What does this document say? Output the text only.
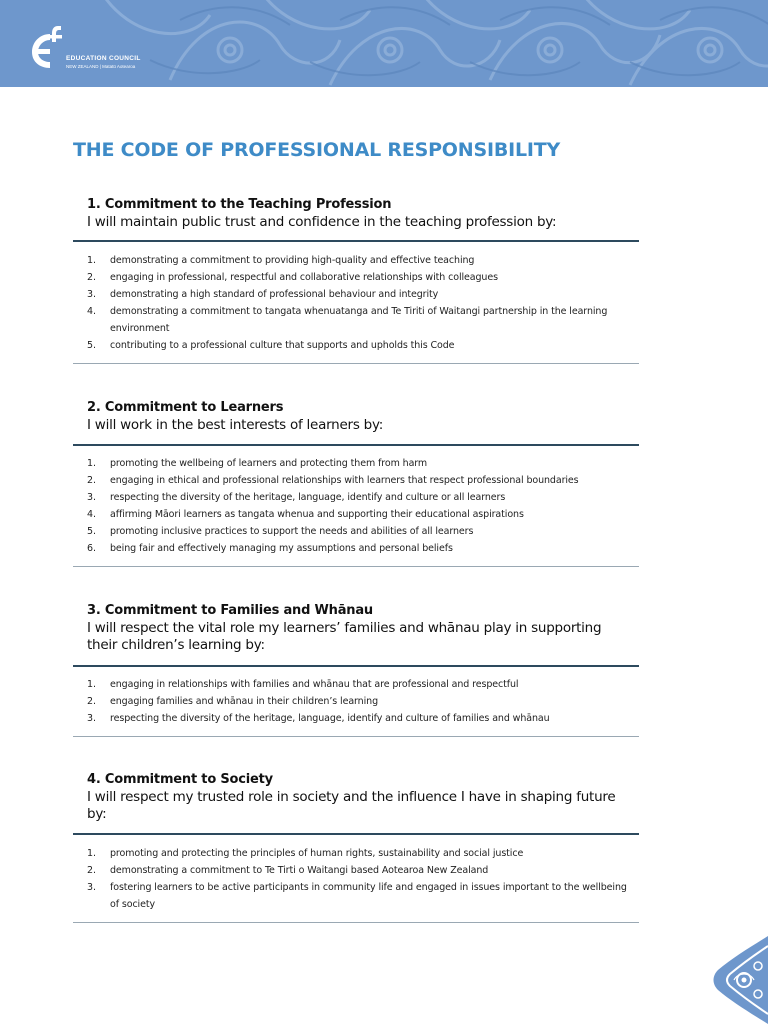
EDUCATION COUNCIL
NEW ZEALAND | Matatū Aotearoa
THE CODE OF PROFESSIONAL RESPONSIBILITY
1. Commitment to the Teaching Profession
I will maintain public trust and confidence in the teaching profession by:
1. demonstrating a commitment to providing high-quality and effective teaching
2. engaging in professional, respectful and collaborative relationships with colleagues
3. demonstrating a high standard of professional behaviour and integrity
4. demonstrating a commitment to tangata whenuatanga and Te Tiriti of Waitangi partnership in the learning environment
5. contributing to a professional culture that supports and upholds this Code
2. Commitment to Learners
I will work in the best interests of learners by:
1. promoting the wellbeing of learners and protecting them from harm
2. engaging in ethical and professional relationships with learners that respect professional boundaries
3. respecting the diversity of the heritage, language, identify and culture or all learners
4. affirming Māori learners as tangata whenua and supporting their educational aspirations
5. promoting inclusive practices to support the needs and abilities of all learners
6. being fair and effectively managing my assumptions and personal beliefs
3. Commitment to Families and Whānau
I will respect the vital role my learners’ families and whānau play in supporting their children’s learning by:
1. engaging in relationships with families and whānau that are professional and respectful
2. engaging families and whānau in their children’s learning
3. respecting the diversity of the heritage, language, identify and culture of families and whānau
4. Commitment to Society
I will respect my trusted role in society and the influence I have in shaping future by:
1. promoting and protecting the principles of human rights, sustainability and social justice
2. demonstrating a commitment to Te Tirti o Waitangi based Aotearoa New Zealand
3. fostering learners to be active participants in community life and engaged in issues important to the wellbeing of society
